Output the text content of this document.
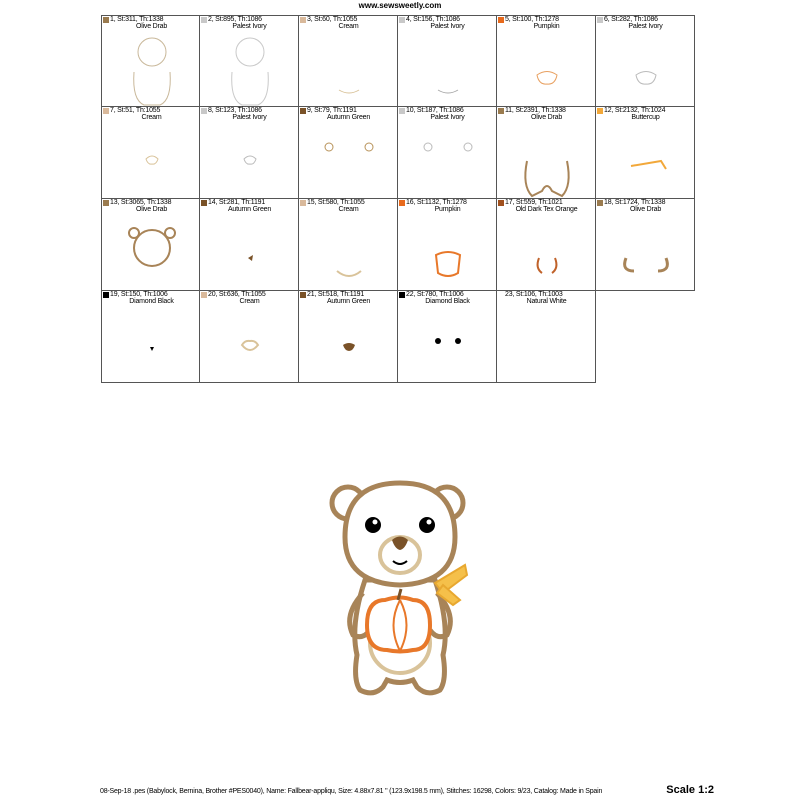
www.sewsweetly.com
1, St:311, Th:1338
Olive Drab
2, St:895, Th:1086
Palest Ivory
3, St:60, Th:1055
Cream
4, St:156, Th:1086
Palest Ivory
5, St:100, Th:1278
Pumpkin
6, St:282, Th:1086
Palest Ivory
7, St:51, Th:1055
Cream
8, St:123, Th:1086
Palest Ivory
9, St:79, Th:1191
Autumn Green
10, St:187, Th:1086
Palest Ivory
11, St:2391, Th:1338
Olive Drab
12, St:2132, Th:1024
Buttercup
13, St:3065, Th:1338
Olive Drab
14, St:281, Th:1191
Autumn Green
15, St:580, Th:1055
Cream
16, St:1132, Th:1278
Pumpkin
17, St:559, Th:1021
Old Dark Tex Orange
18, St:1724, Th:1338
Olive Drab
19, St:150, Th:1006
Diamond Black
20, St:636, Th:1055
Cream
21, St:518, Th:1191
Autumn Green
22, St:780, Th:1006
Diamond Black
23, St:106, Th:1003
Natural White
08-Sep-18 .pes (Babylock, Bernina, Brother #PES0040), Name: Fallbear-appliqu, Size: 4.88x7.81 " (123.9x198.5 mm), Stitches: 16298, Colors: 9/23, Catalog: Made in Spain	Scale 1:2
